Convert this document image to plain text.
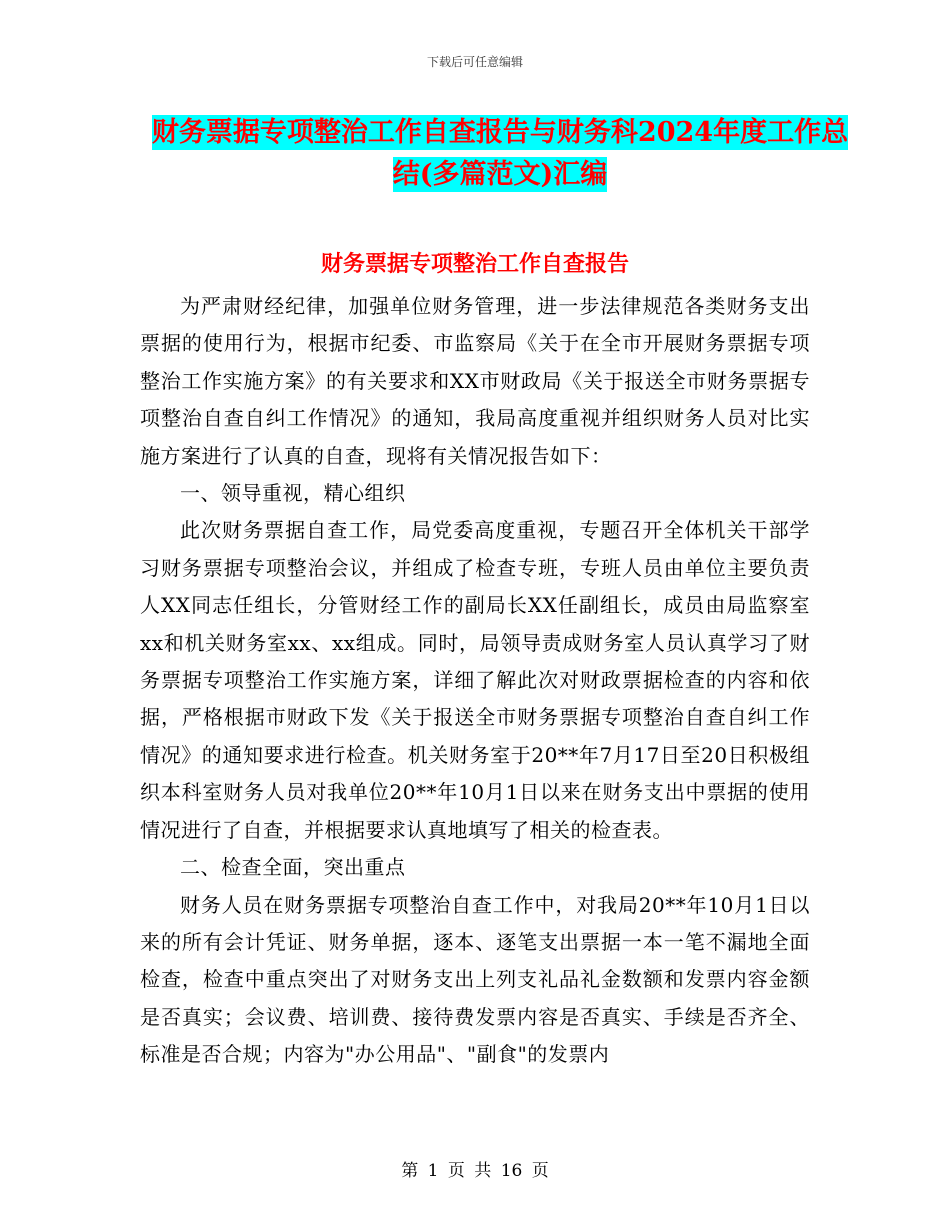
下载后可任意编辑
财务票据专项整治工作自查报告与财务科2024年度工作总结(多篇范文)汇编
财务票据专项整治工作自查报告

为严肃财经纪律，加强单位财务管理，进一步法律规范各类财务支出票据的使用行为，根据市纪委、市监察局《关于在全市开展财务票据专项整治工作实施方案》的有关要求和XX市财政局《关于报送全市财务票据专项整治自查自纠工作情况》的通知，我局高度重视并组织财务人员对比实施方案进行了认真的自查，现将有关情况报告如下：

一、领导重视，精心组织

此次财务票据自查工作，局党委高度重视，专题召开全体机关干部学习财务票据专项整治会议，并组成了检查专班，专班人员由单位主要负责人XX同志任组长，分管财经工作的副局长XX任副组长，成员由局监察室xx和机关财务室xx、xx组成。同时，局领导责成财务室人员认真学习了财务票据专项整治工作实施方案，详细了解此次对财政票据检查的内容和依据，严格根据市财政下发《关于报送全市财务票据专项整治自查自纠工作情况》的通知要求进行检查。机关财务室于20**年7月17日至20日积极组织本科室财务人员对我单位20**年10月1日以来在财务支出中票据的使用情况进行了自查，并根据要求认真地填写了相关的检查表。

二、检查全面，突出重点

财务人员在财务票据专项整治自查工作中，对我局20**年10月1日以来的所有会计凭证、财务单据，逐本、逐笔支出票据一本一笔不漏地全面检查，检查中重点突出了对财务支出上列支礼品礼金数额和发票内容金额是否真实；会议费、培训费、接待费发票内容是否真实、手续是否齐全、标准是否合规；内容为"办公用品"、"副食"的发票内

第 1 页 共 16 页
